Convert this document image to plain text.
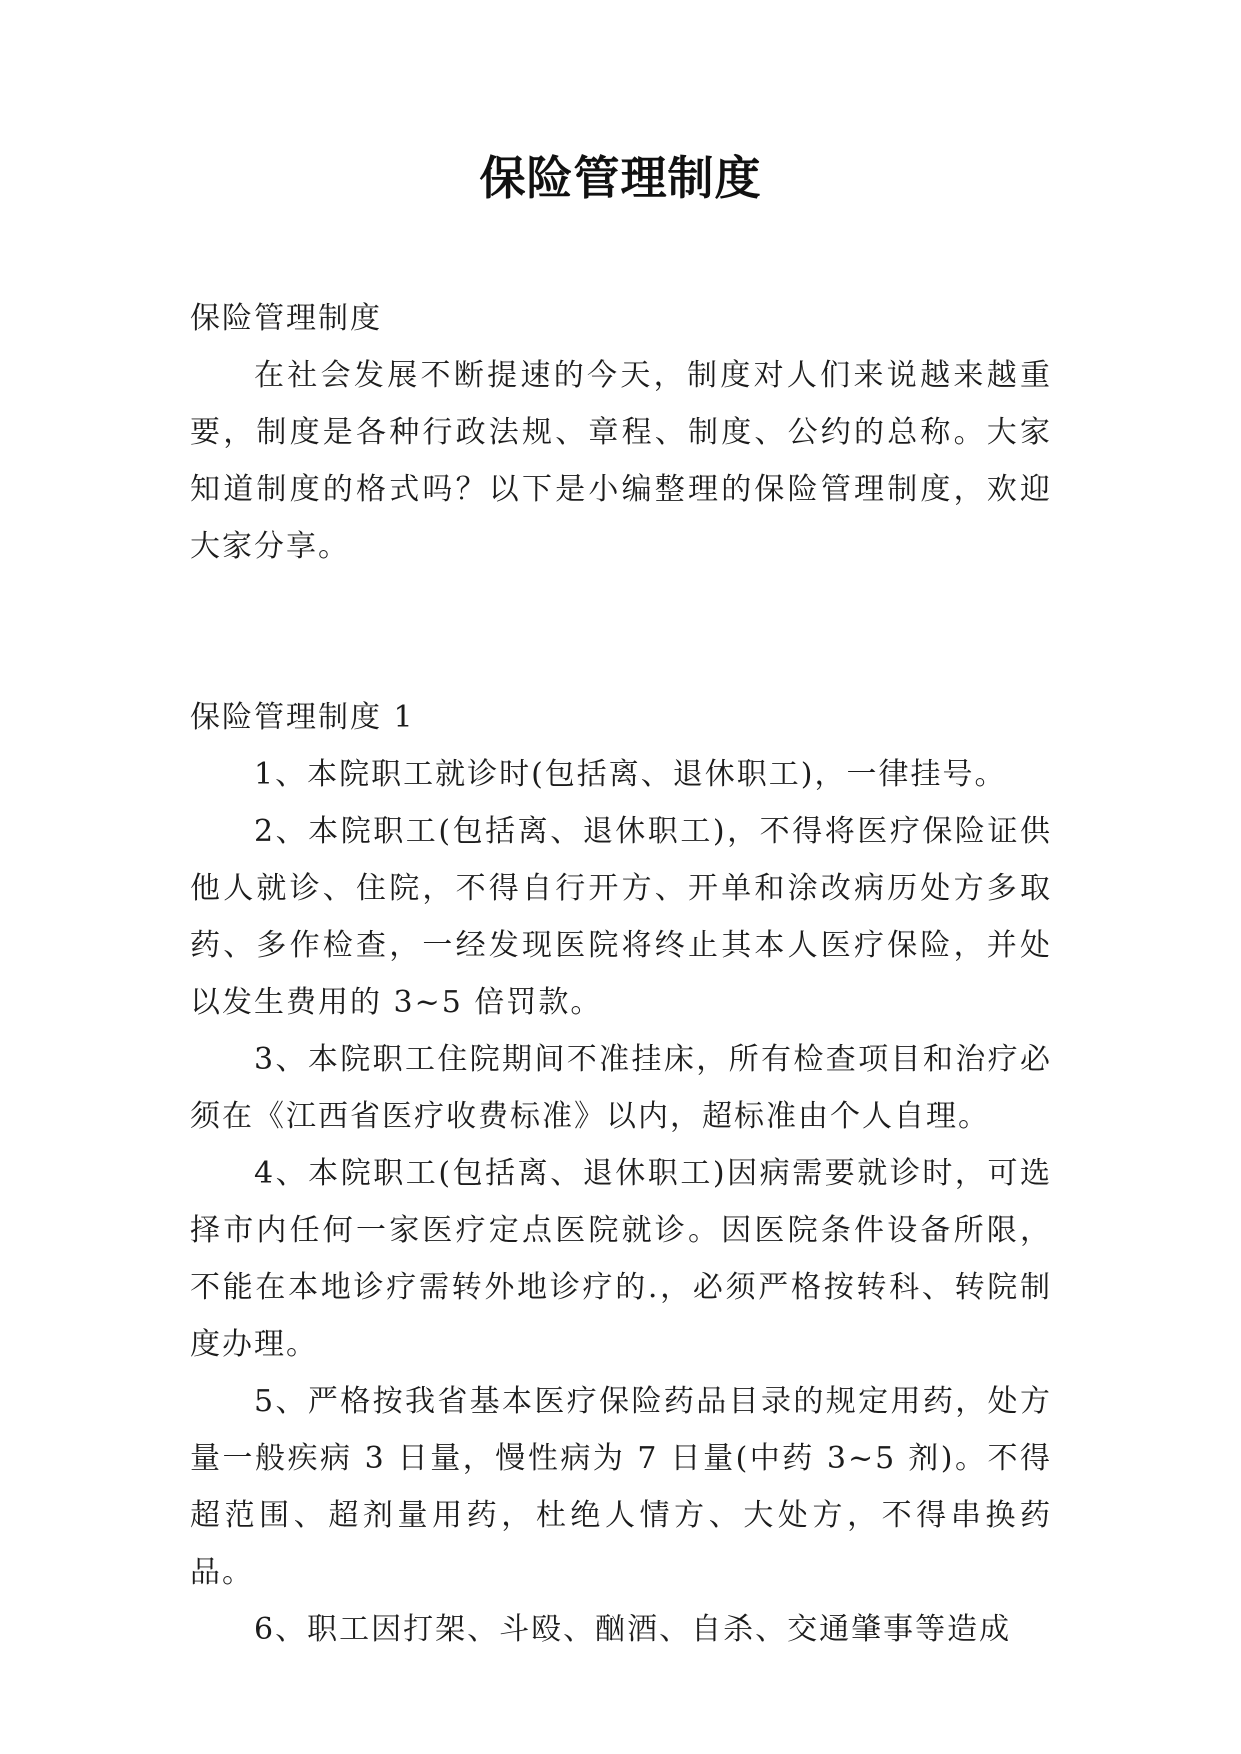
保险管理制度

保险管理制度

在社会发展不断提速的今天，制度对人们来说越来越重要，制度是各种行政法规、章程、制度、公约的总称。大家知道制度的格式吗？以下是小编整理的保险管理制度，欢迎大家分享。

保险管理制度 1

1、本院职工就诊时(包括离、退休职工)，一律挂号。

2、本院职工(包括离、退休职工)，不得将医疗保险证供他人就诊、住院，不得自行开方、开单和涂改病历处方多取药、多作检查，一经发现医院将终止其本人医疗保险，并处以发生费用的 3~5 倍罚款。

3、本院职工住院期间不准挂床，所有检查项目和治疗必须在《江西省医疗收费标准》以内，超标准由个人自理。

4、本院职工(包括离、退休职工)因病需要就诊时，可选择市内任何一家医疗定点医院就诊。因医院条件设备所限，不能在本地诊疗需转外地诊疗的.，必须严格按转科、转院制度办理。

5、严格按我省基本医疗保险药品目录的规定用药，处方量一般疾病 3 日量，慢性病为 7 日量(中药 3~5 剂)。不得超范围、超剂量用药，杜绝人情方、大处方，不得串换药品。

6、职工因打架、斗殴、酗酒、自杀、交通肇事等造成
